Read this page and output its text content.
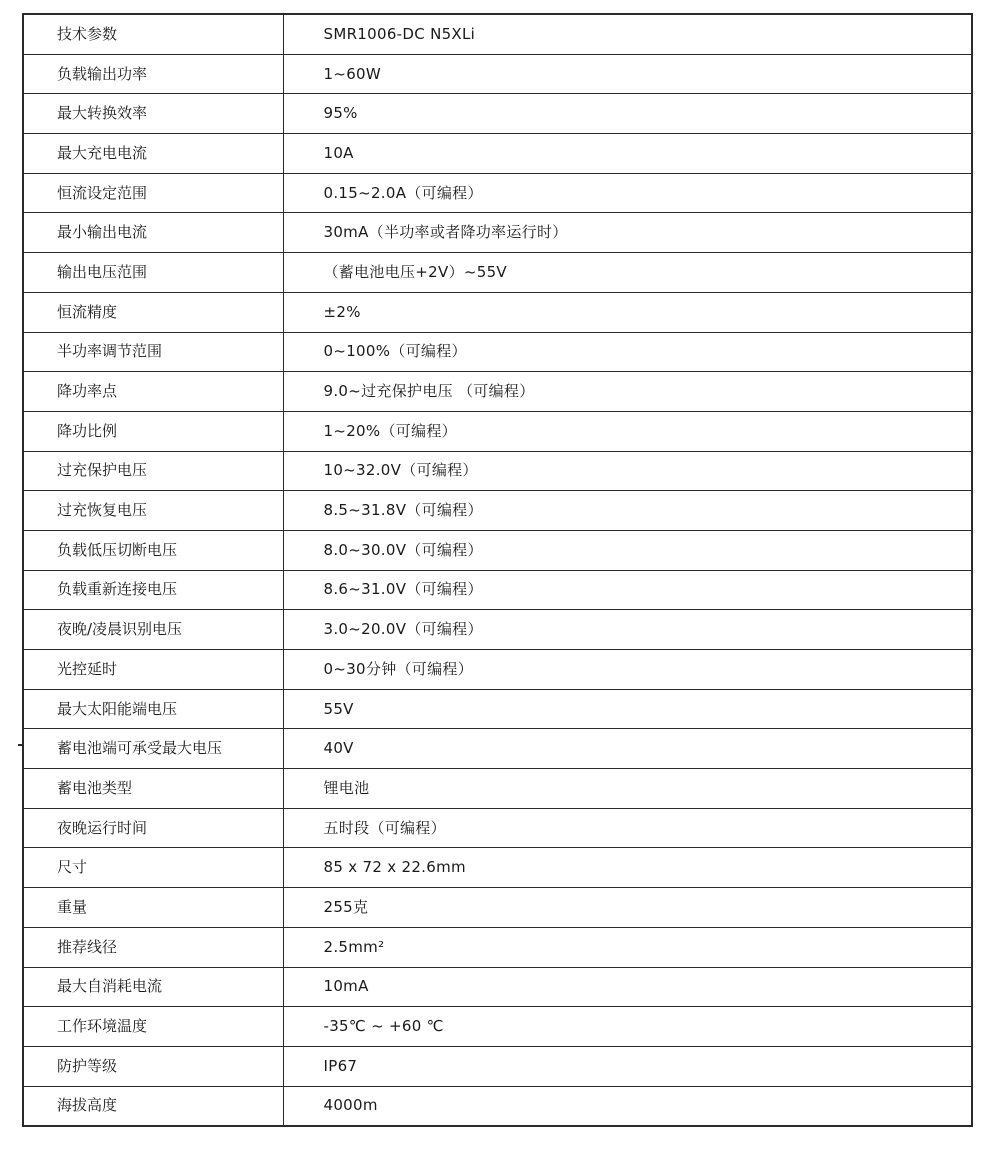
技术参数	SMR1006-DC N5XLi
负载输出功率	1~60W
最大转换效率	95%
最大充电电流	10A
恒流设定范围	0.15~2.0A（可编程）
最小输出电流	30mA（半功率或者降功率运行时）
输出电压范围	（蓄电池电压+2V）~55V
恒流精度	±2%
半功率调节范围	0~100%（可编程）
降功率点	9.0~过充保护电压 （可编程）
降功比例	1~20%（可编程）
过充保护电压	10~32.0V（可编程）
过充恢复电压	8.5~31.8V（可编程）
负载低压切断电压	8.0~30.0V（可编程）
负载重新连接电压	8.6~31.0V（可编程）
夜晚/凌晨识别电压	3.0~20.0V（可编程）
光控延时	0~30分钟（可编程）
最大太阳能端电压	55V
蓄电池端可承受最大电压	40V
蓄电池类型	锂电池
夜晚运行时间	五时段（可编程）
尺寸	85 x 72 x 22.6mm
重量	255克
推荐线径	2.5mm²
最大自消耗电流	10mA
工作环境温度	-35℃ ~ +60 ℃
防护等级	IP67
海拔高度	4000m
